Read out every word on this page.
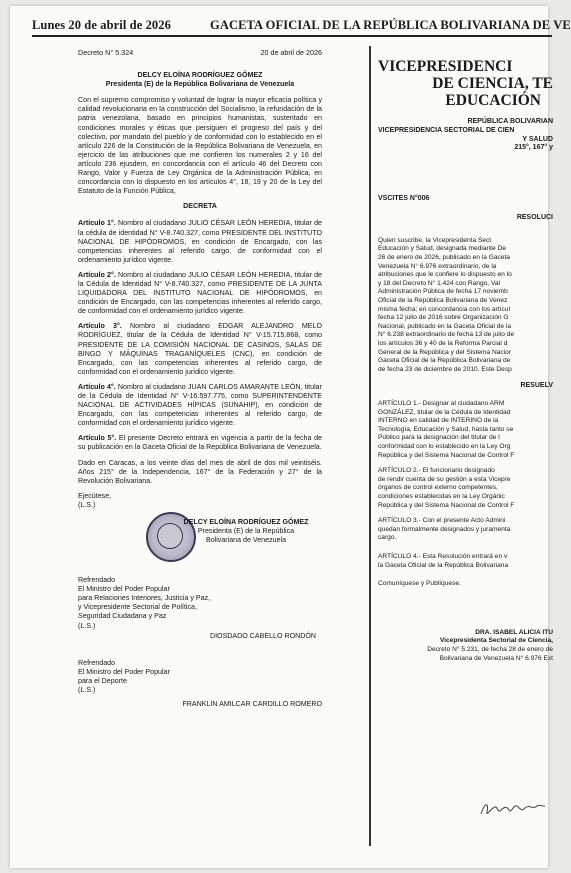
Lunes 20 de abril de 2026	GACETA OFICIAL DE LA REPÚBLICA BOLIVARIANA DE VE
Decreto N° 5.324	20 de abril de 2026

DELCY ELOÍNA RODRÍGUEZ GÓMEZ

Presidenta (E) de la República Bolivariana de Venezuela

Con el supremo compromiso y voluntad de lograr la mayor eficacia política y calidad revolucionaria en la construcción del Socialismo, la refundación de la patria venezolana, basado en principios humanistas, sustentado en condiciones morales y éticas que persiguen el progreso del país y del colectivo, por mandato del pueblo y de conformidad con lo establecido en el artículo 226 de la Constitución de la República Bolivariana de Venezuela, en ejercicio de las atribuciones que me confieren los numerales 2 y 16 del artículo 236 ejusdem, en concordancia con el artículo 46 del Decreto con Rango, Valor y Fuerza de Ley Orgánica de la Administración Pública, en concordancia con lo dispuesto en los artículos 4°, 18, 19 y 20 de la Ley del Estatuto de la Función Pública,

DECRETA

Artículo 1°. Nombro al ciudadano JULIO CÉSAR LEÓN HEREDIA, titular de la cédula de identidad N° V-8.740.327, como PRESIDENTE DEL INSTITUTO NACIONAL DE HIPÓDROMOS, en condición de Encargado, con las competencias inherentes al referido cargo, de conformidad con el ordenamiento jurídico vigente.

Artículo 2°. Nombro al ciudadano JULIO CÉSAR LEÓN HEREDIA, titular de la Cédula de Identidad N° V-8.740.327, como PRESIDENTE DE LA JUNTA LIQUIDADORA DEL INSTITUTO NACIONAL DE HIPÓDROMOS, en condición de Encargado, con las competencias inherentes al referido cargo, de conformidad con el ordenamiento jurídico vigente.

Artículo 3°. Nombro al ciudadano EDGAR ALEJANDRO MELO RODRÍGUEZ, titular de la Cédula de Identidad N° V-15.715.868, como PRESIDENTE DE LA COMISIÓN NACIONAL DE CASINOS, SALAS DE BINGO Y MÁQUINAS TRAGANÍQUELES (CNC), en condición de Encargado, con las competencias inherentes al referido cargo, de conformidad con el ordenamiento jurídico vigente.

Artículo 4°. Nombro al ciudadano JUAN CARLOS AMARANTE LEÓN, titular de la Cédula de Identidad N° V-16.597.775, como SUPERINTENDENTE NACIONAL DE ACTIVIDADES HÍPICAS (SUNAHIP), en condición de Encargado, con las competencias inherentes al referido cargo, de conformidad con el ordenamiento jurídico vigente.

Artículo 5°. El presente Decreto entrará en vigencia a partir de la fecha de su publicación en la Gaceta Oficial de la República Bolivariana de Venezuela.

Dado en Caracas, a los veinte días del mes de abril de dos mil veintiséis. Años 215° de la Independencia, 167° de la Federación y 27° de la Revolución Bolivariana.

Ejecútese,

(L.S.)

DELCY ELOÍNA RODRÍGUEZ GÓMEZ
Presidenta (E) de la República
Bolivariana de Venezuela

Refrendado

El Ministro del Poder Popular

para Relaciones Interiores, Justicia y Paz,
y Vicepresidente Sectorial de Política,
Seguridad Ciudadana y Paz

(L.S.)

DIOSDADO CABELLO RONDÓN

Refrendado

El Ministro del Poder Popular

para el Deporte

(L.S.)

FRANKLIN AMILCAR CARDILLO ROMERO

VICEPRESIDENCI
DE CIENCIA, TE
EDUCACIÓN
REPÚBLICA BOLIVARIAN
VICEPRESIDENCIA SECTORIAL DE CIEN
Y SALUD
215°, 167° y
VSCITES N°006
RESOLUCI
Quien suscribe, la Vicepresidenta Sect
Educación y Salud, designada mediante De
26 de enero de 2026, publicado en la Gaceta
Venezuela N° 6.976 extraordinario, de la
atribuciones que le confiere lo dispuesto en lo
y 18 del Decreto N° 1.424 con Rango, Val
Administración Pública de fecha 17 noviemb
Oficial de la República Bolivariana de Venez
misma fecha; en concordancia con los artícul
fecha 12 julio de 2016 sobre Organización G
Nacional, publicado en la Gaceta Oficial de la
N° 6.238 extraordinario de fecha 13 de julio de
los artículos 36 y 40 de la Reforma Parcial d
General de la República y del Sistema Nacior
Gaceta Oficial de la República Bolivariana de
de fecha 23 de diciembre de 2010. Este Desp
RESUELV
ARTÍCULO 1.- Designar al ciudadano ARM
GONZÁLEZ, titular de la Cédula de Identidad
INTERNO en calidad de INTERINO de la
Tecnología, Educación y Salud, hasta tanto se
Público para la designación del titular de l
conformidad con lo establecido en la Ley Org
República y del Sistema Nacional de Control F
ARTÍCULO 2.- El funcionario designado
de rendir cuenta de su gestión a esta Vicepre
órganos de control externo competentes,
condiciones establecidas en la Ley Orgánic
República y del Sistema Nacional de Control F
ARTÍCULO 3.- Con el presente Acto Admini
quedan formalmente designados y juramenta
cargo.
ARTÍCULO 4.- Esta Resolución entrará en v
la Gaceta Oficial de la República Bolivariana

Comuníquese y Publíquese.

DRA. ISABEL ALICIA ITU
Vicepresidenta Sectorial de Ciencia,
Decreto N° 5.231, de fecha 28 de enero de
Bolivariana de Venezuela N° 6.976 Ext
